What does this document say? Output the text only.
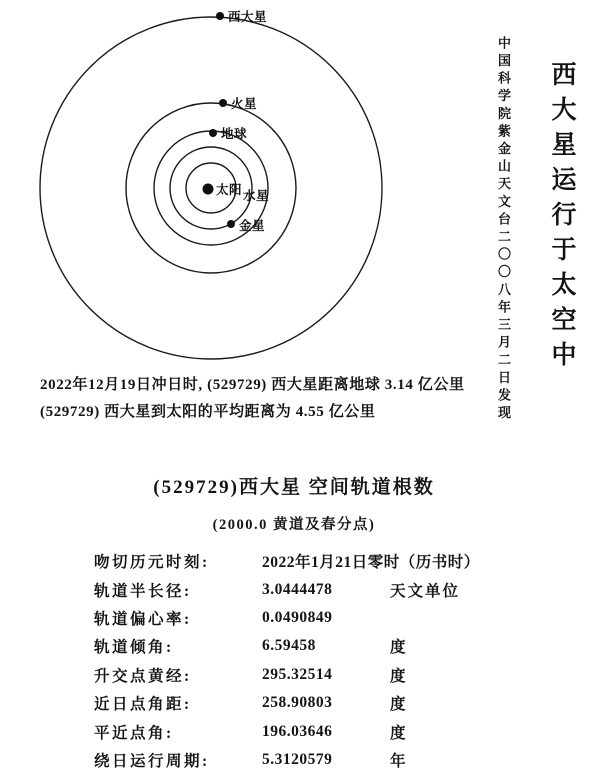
西大星
火星
地球
太阳 水星
金星	中国科学院紫金山天文台二〇〇八年三月二日发现 西大星运行于太空中
2022年12月19日冲日时, (529729) 西大星距离地球 3.14 亿公里
(529729) 西大星到太阳的平均距离为 4.55 亿公里
(529729)西大星 空间轨道根数
(2000.0 黄道及春分点)
吻切历元时刻:	2022年1月21日零时（历书时）
轨道半长径:	3.0444478	天文单位
轨道偏心率:	0.0490849
轨道倾角:	6.59458	度
升交点黄经:	295.32514	度
近日点角距:	258.90803	度
平近点角:	196.03646	度
绕日运行周期:	5.3120579	年
